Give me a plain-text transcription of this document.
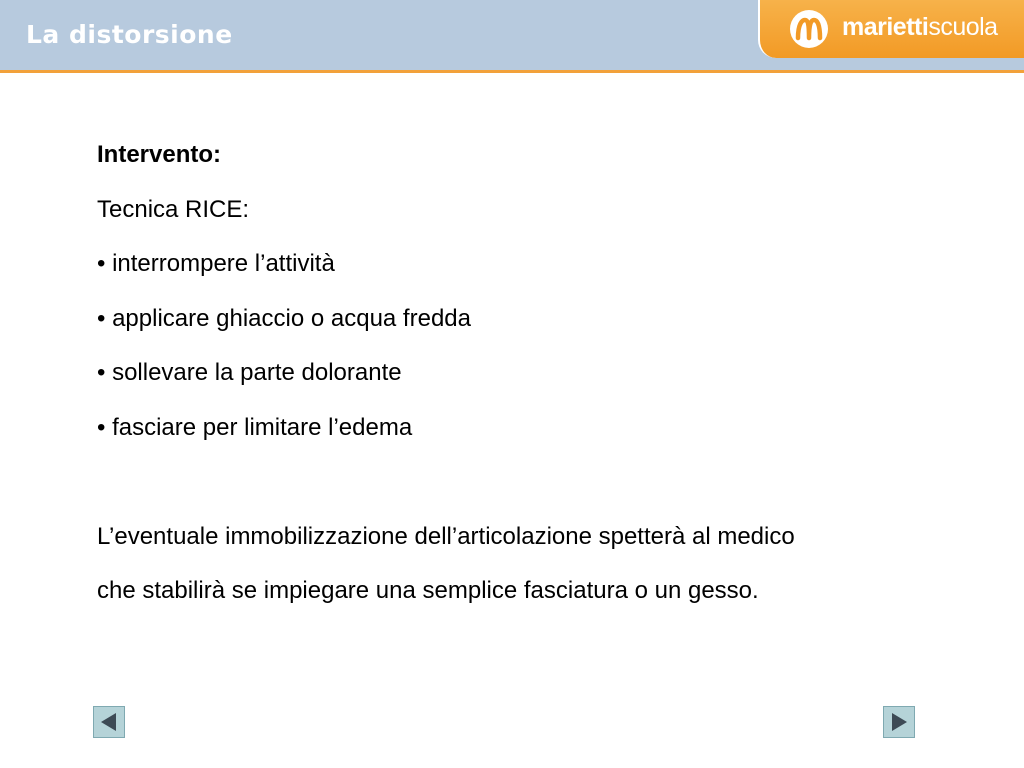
La distorsione	mariettiscuola

Intervento:

Tecnica RICE:

• interrompere l’attività

• applicare ghiaccio o acqua fredda

• sollevare la parte dolorante

• fasciare per limitare l’edema

L’eventuale immobilizzazione dell’articolazione spetterà al medico

che stabilirà se impiegare una semplice fasciatura o un gesso.
